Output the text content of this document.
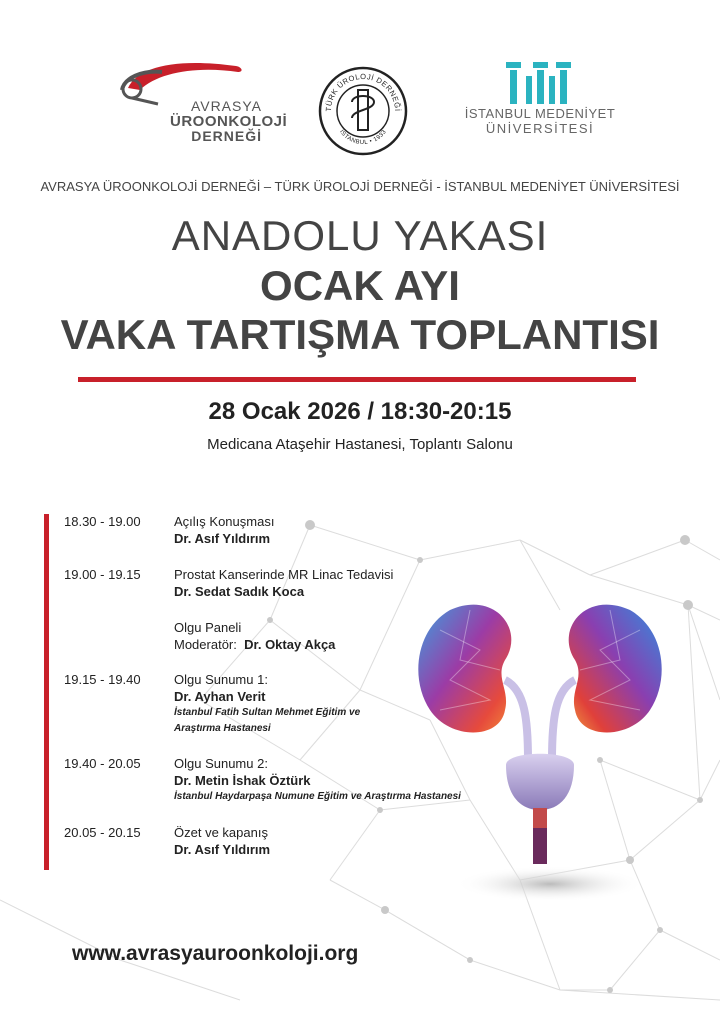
AVRASYA
ÜROONKOLOJİ
DERNEĞİ
TÜRK ÜROLOJİ DERNEĞİ
İSTANBUL • 1933
İSTANBUL MEDENİYET
ÜNİVERSİTESİ
AVRASYA ÜROONKOLOJİ DERNEĞİ – TÜRK ÜROLOJİ DERNEĞİ - İSTANBUL MEDENİYET ÜNİVERSİTESİ
ANADOLU YAKASI
OCAK AYI
VAKA TARTIŞMA TOPLANTISI
28 Ocak 2026 / 18:30-20:15
Medicana Ataşehir Hastanesi, Toplantı Salonu
18.30 - 19.00	Açılış Konuşması
Dr. Asıf Yıldırım
19.00 - 19.15	Prostat Kanserinde MR Linac Tedavisi
Dr. Sedat Sadık Koca
Olgu Paneli
Moderatör: Dr. Oktay Akça
19.15 - 19.40	Olgu Sunumu 1:
Dr. Ayhan Verit
İstanbul Fatih Sultan Mehmet Eğitim ve Araştırma Hastanesi
19.40 - 20.05	Olgu Sunumu 2:
Dr. Metin İshak Öztürk
İstanbul Haydarpaşa Numune Eğitim ve Araştırma Hastanesi
20.05 - 20.15	Özet ve kapanış
Dr. Asıf Yıldırım
www.avrasyauroonkoloji.org
